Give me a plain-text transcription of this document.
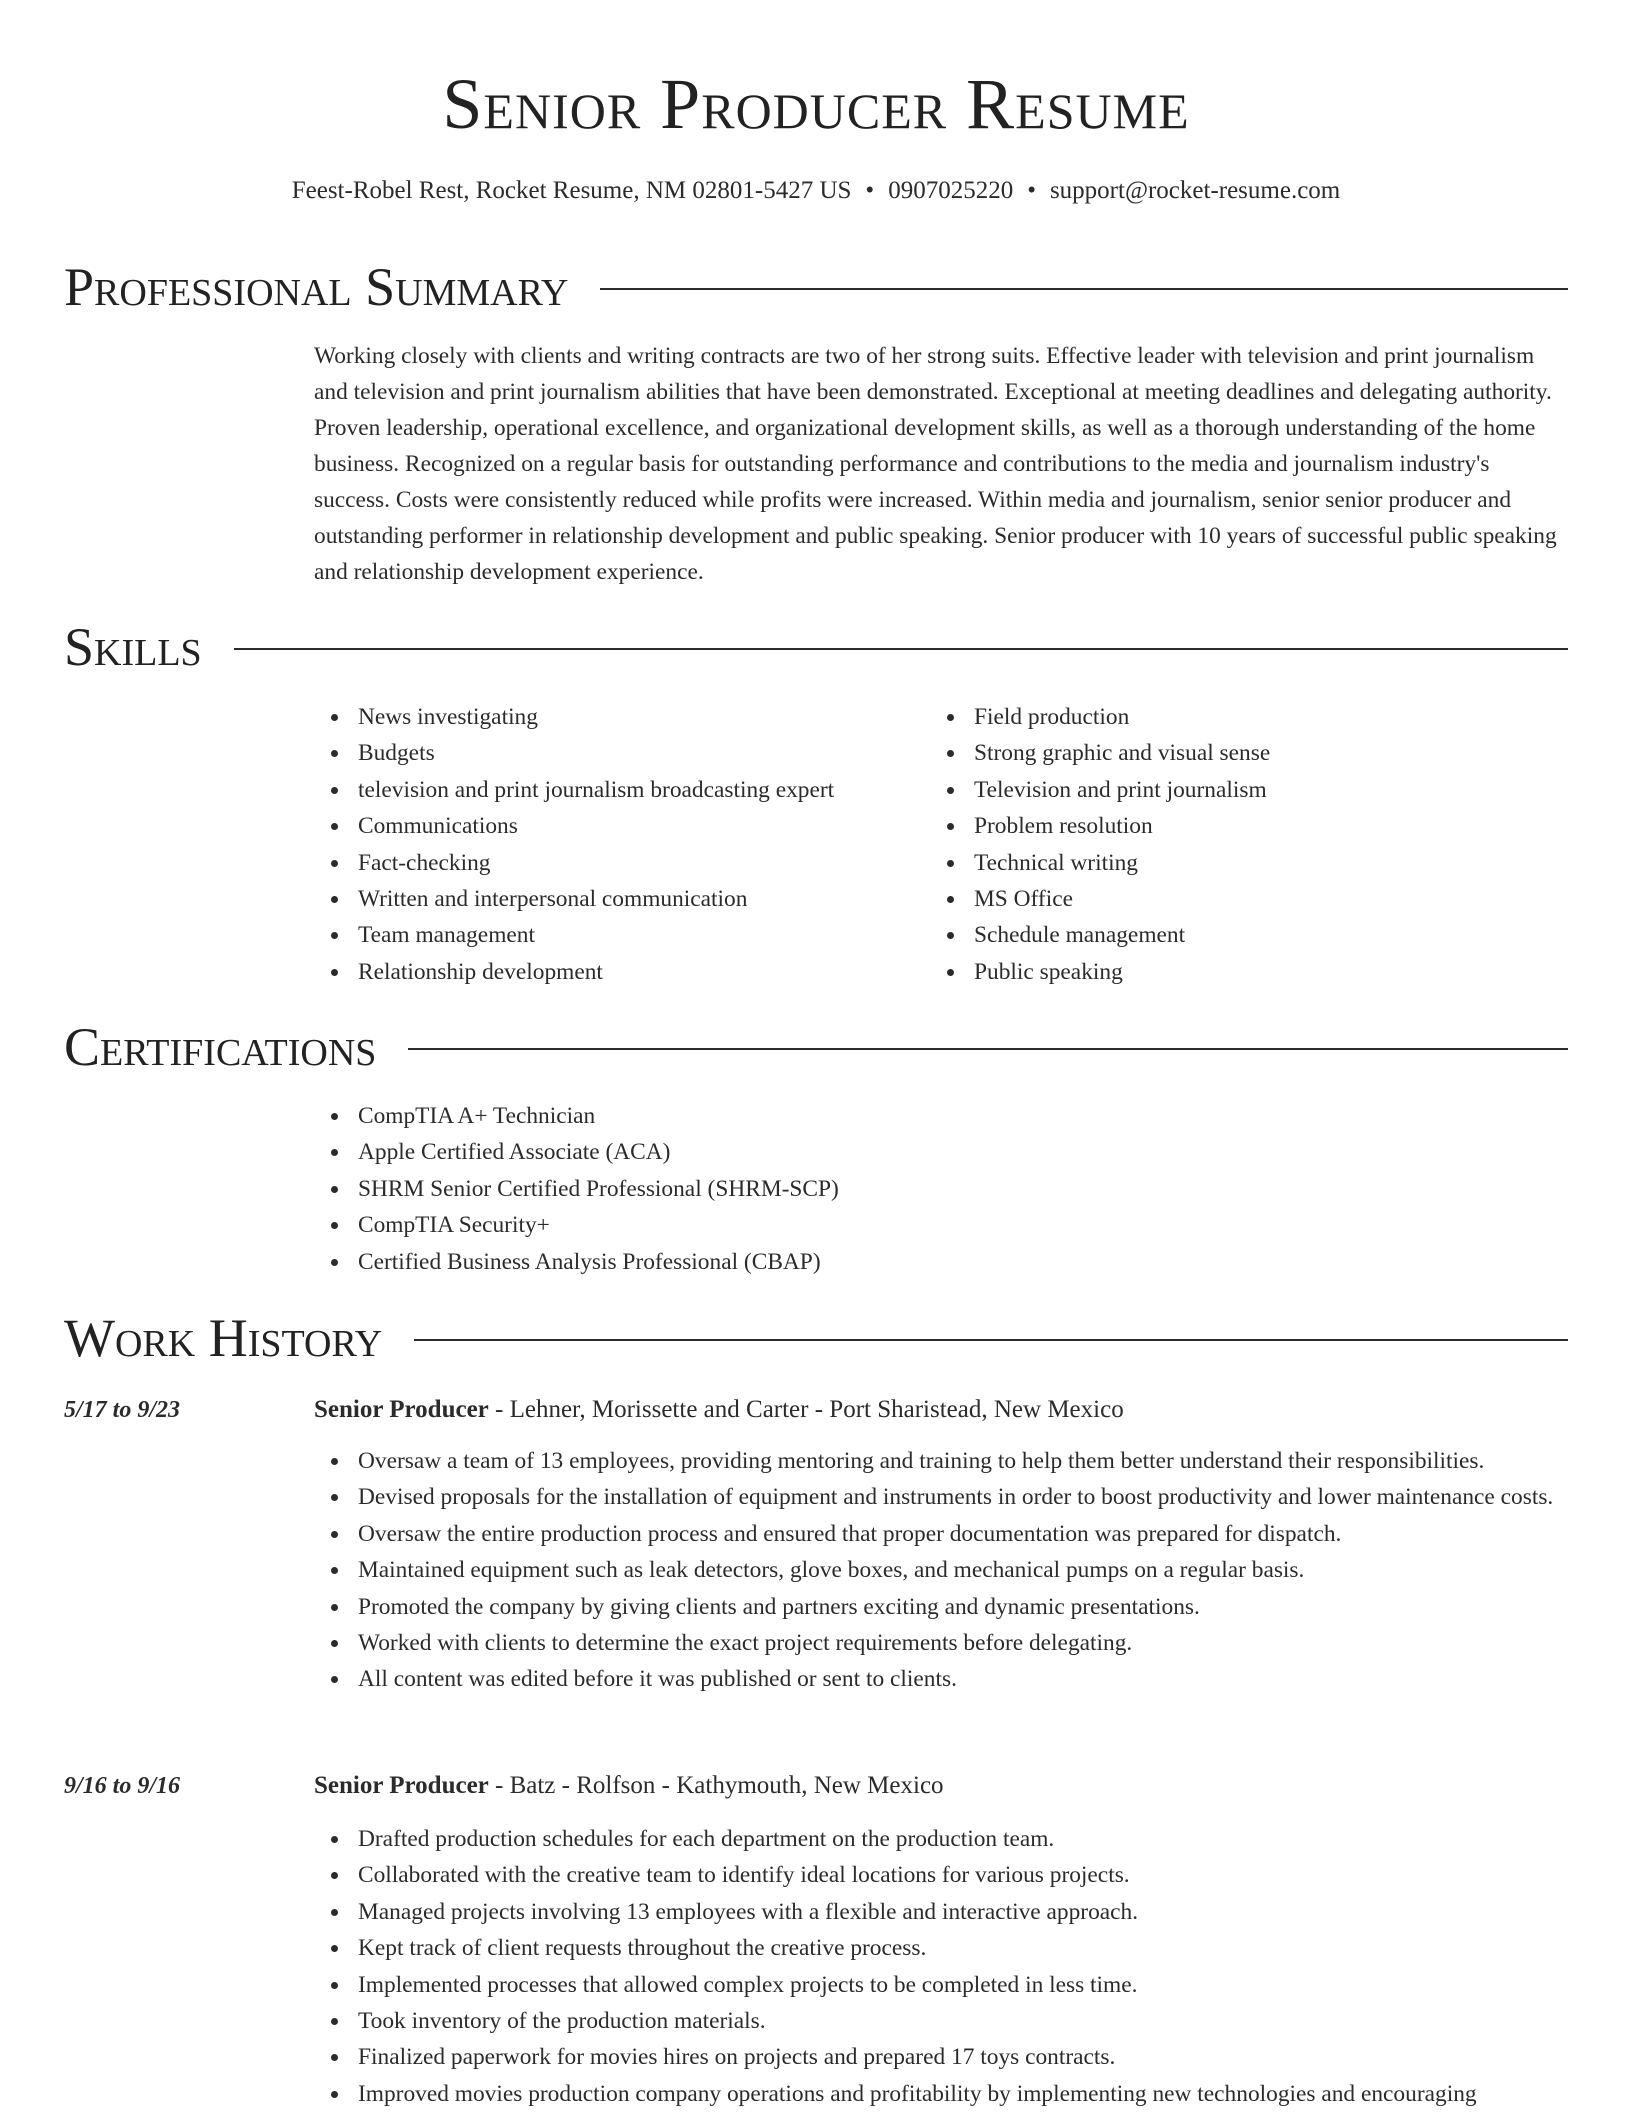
Senior Producer Resume
Feest-Robel Rest, Rocket Resume, NM 02801-5427 US • 0907025220 • support@rocket-resume.com
Professional Summary

Working closely with clients and writing contracts are two of her strong suits. Effective leader with television and print journalism and television and print journalism abilities that have been demonstrated. Exceptional at meeting deadlines and delegating authority. Proven leadership, operational excellence, and organizational development skills, as well as a thorough understanding of the home business. Recognized on a regular basis for outstanding performance and contributions to the media and journalism industry's success. Costs were consistently reduced while profits were increased. Within media and journalism, senior senior producer and outstanding performer in relationship development and public speaking. Senior producer with 10 years of successful public speaking and relationship development experience.

Skills
News investigating
Budgets
television and print journalism broadcasting expert
Communications
Fact-checking
Written and interpersonal communication
Team management
Relationship development
Field production
Strong graphic and visual sense
Television and print journalism
Problem resolution
Technical writing
MS Office
Schedule management
Public speaking
Certifications
CompTIA A+ Technician
Apple Certified Associate (ACA)
SHRM Senior Certified Professional (SHRM-SCP)
CompTIA Security+
Certified Business Analysis Professional (CBAP)
Work History
5/17 to 9/23	Senior Producer - Lehner, Morissette and Carter - Port Sharistead, New Mexico
Oversaw a team of 13 employees, providing mentoring and training to help them better understand their responsibilities.
Devised proposals for the installation of equipment and instruments in order to boost productivity and lower maintenance costs.
Oversaw the entire production process and ensured that proper documentation was prepared for dispatch.
Maintained equipment such as leak detectors, glove boxes, and mechanical pumps on a regular basis.
Promoted the company by giving clients and partners exciting and dynamic presentations.
Worked with clients to determine the exact project requirements before delegating.
All content was edited before it was published or sent to clients.
9/16 to 9/16	Senior Producer - Batz - Rolfson - Kathymouth, New Mexico
Drafted production schedules for each department on the production team.
Collaborated with the creative team to identify ideal locations for various projects.
Managed projects involving 13 employees with a flexible and interactive approach.
Kept track of client requests throughout the creative process.
Implemented processes that allowed complex projects to be completed in less time.
Took inventory of the production materials.
Finalized paperwork for movies hires on projects and prepared 17 toys contracts.
Improved movies production company operations and profitability by implementing new technologies and encouraging
